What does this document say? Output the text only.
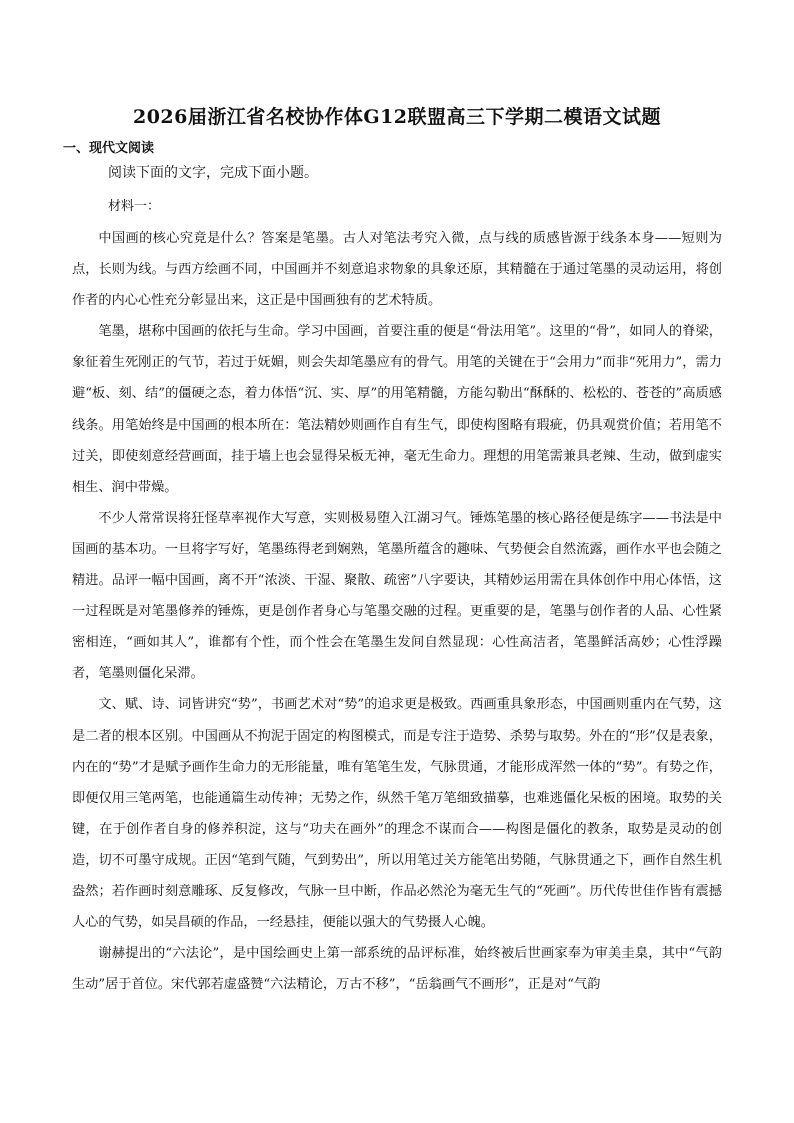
2026届浙江省名校协作体G12联盟高三下学期二模语文试题
一、现代文阅读
阅读下面的文字，完成下面小题。
材料一：

中国画的核心究竟是什么？答案是笔墨。古人对笔法考究入微，点与线的质感皆源于线条本身——短则为点，长则为线。与西方绘画不同，中国画并不刻意追求物象的具象还原，其精髓在于通过笔墨的灵动运用，将创作者的内心心性充分彰显出来，这正是中国画独有的艺术特质。

笔墨，堪称中国画的依托与生命。学习中国画，首要注重的便是“骨法用笔”。这里的“骨”，如同人的脊梁，象征着生死刚正的气节，若过于妩媚，则会失却笔墨应有的骨气。用笔的关键在于“会用力”而非“死用力”，需力避“板、刻、结”的僵硬之态，着力体悟“沉、实、厚”的用笔精髓，方能勾勒出“酥酥的、松松的、苍苍的”高质感线条。用笔始终是中国画的根本所在：笔法精妙则画作自有生气，即使构图略有瑕疵，仍具观赏价值；若用笔不过关，即使刻意经营画面，挂于墙上也会显得呆板无神，毫无生命力。理想的用笔需兼具老辣、生动，做到虚实相生、润中带燥。

不少人常常误将狂怪草率视作大写意，实则极易堕入江湖习气。锤炼笔墨的核心路径便是练字——书法是中国画的基本功。一旦将字写好，笔墨练得老到娴熟，笔墨所蕴含的趣味、气势便会自然流露，画作水平也会随之精进。品评一幅中国画，离不开“浓淡、干湿、聚散、疏密”八字要诀，其精妙运用需在具体创作中用心体悟，这一过程既是对笔墨修养的锤炼，更是创作者身心与笔墨交融的过程。更重要的是，笔墨与创作者的人品、心性紧密相连，“画如其人”，谁都有个性，而个性会在笔墨生发间自然显现：心性高洁者，笔墨鲜活高妙；心性浮躁者，笔墨则僵化呆滞。

文、赋、诗、词皆讲究“势”，书画艺术对“势”的追求更是极致。西画重具象形态，中国画则重内在气势，这是二者的根本区别。中国画从不拘泥于固定的构图模式，而是专注于造势、杀势与取势。外在的“形”仅是表象，内在的“势”才是赋予画作生命力的无形能量，唯有笔笔生发，气脉贯通，才能形成浑然一体的“势”。有势之作，即便仅用三笔两笔，也能通篇生动传神；无势之作，纵然千笔万笔细致描摹，也难逃僵化呆板的困境。取势的关键，在于创作者自身的修养积淀，这与“功夫在画外”的理念不谋而合——构图是僵化的教条，取势是灵动的创造，切不可墨守成规。正因“笔到气随，气到势出”，所以用笔过关方能笔出势随，气脉贯通之下，画作自然生机盎然；若作画时刻意雕琢、反复修改，气脉一旦中断，作品必然沦为毫无生气的“死画”。历代传世佳作皆有震撼人心的气势，如吴昌硕的作品，一经悬挂，便能以强大的气势摄人心魄。

谢赫提出的“六法论”，是中国绘画史上第一部系统的品评标准，始终被后世画家奉为审美圭臬，其中“气韵生动”居于首位。宋代郭若虚盛赞“六法精论，万古不移”，“岳翁画气不画形”，正是对“气韵
